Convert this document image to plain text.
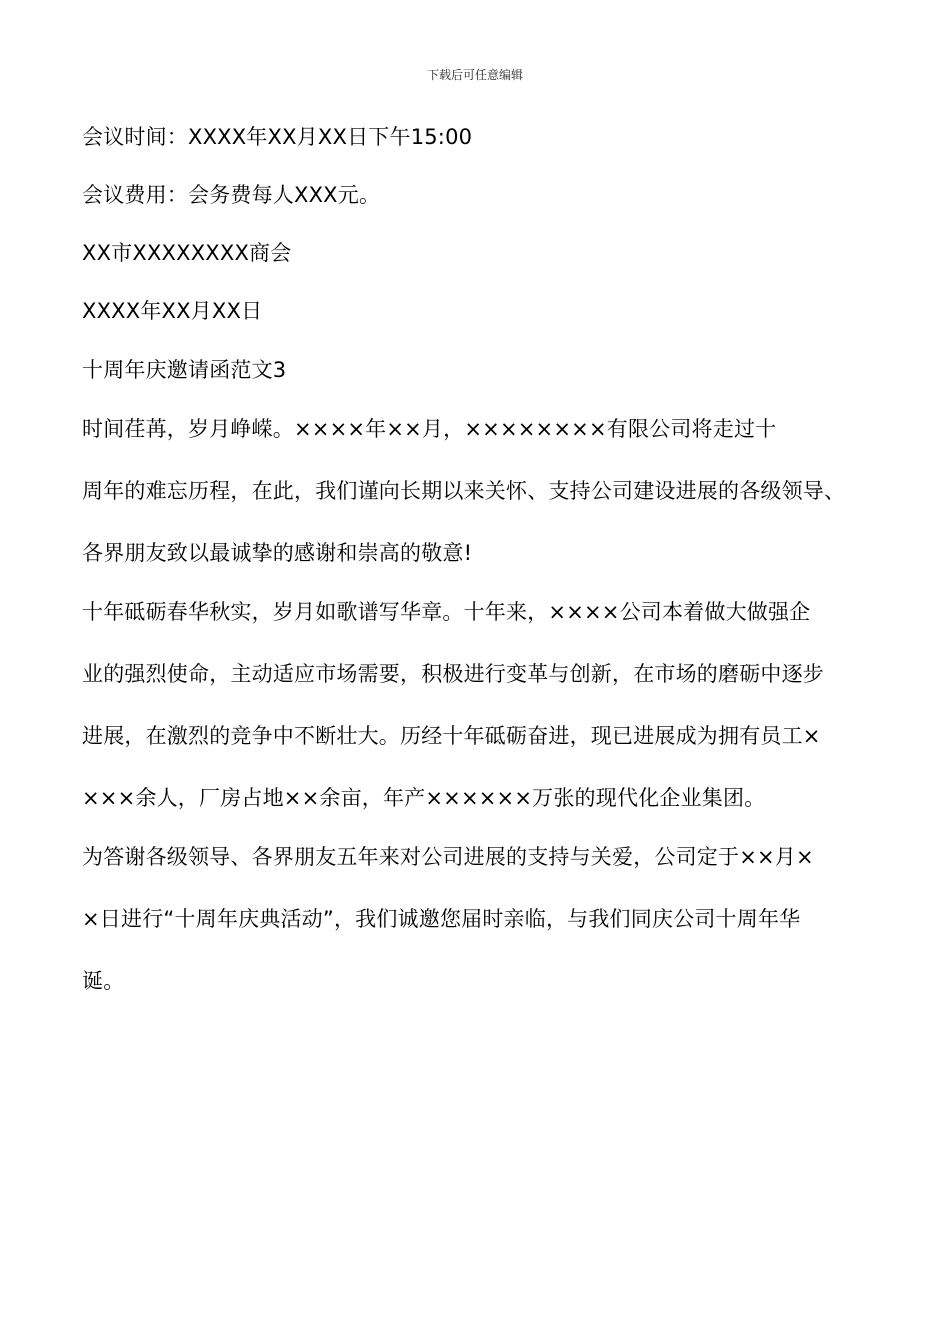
下载后可任意编辑

会议时间：XXXX年XX月XX日下午15:00

会议费用：会务费每人XXX元。

XX市XXXXXXXX商会

XXXX年XX月XX日

十周年庆邀请函范文3

时间荏苒，岁月峥嵘。××××年××月，××××××××有限公司将走过十

周年的难忘历程，在此，我们谨向长期以来关怀、支持公司建设进展的各级领导、

各界朋友致以最诚挚的感谢和崇高的敬意!

十年砥砺春华秋实，岁月如歌谱写华章。十年来，××××公司本着做大做强企

业的强烈使命，主动适应市场需要，积极进行变革与创新，在市场的磨砺中逐步

进展，在激烈的竞争中不断壮大。历经十年砥砺奋进，现已进展成为拥有员工×

×××余人，厂房占地××余亩，年产××××××万张的现代化企业集团。

为答谢各级领导、各界朋友五年来对公司进展的支持与关爱，公司定于××月×

×日进行“十周年庆典活动”，我们诚邀您届时亲临，与我们同庆公司十周年华

诞。
